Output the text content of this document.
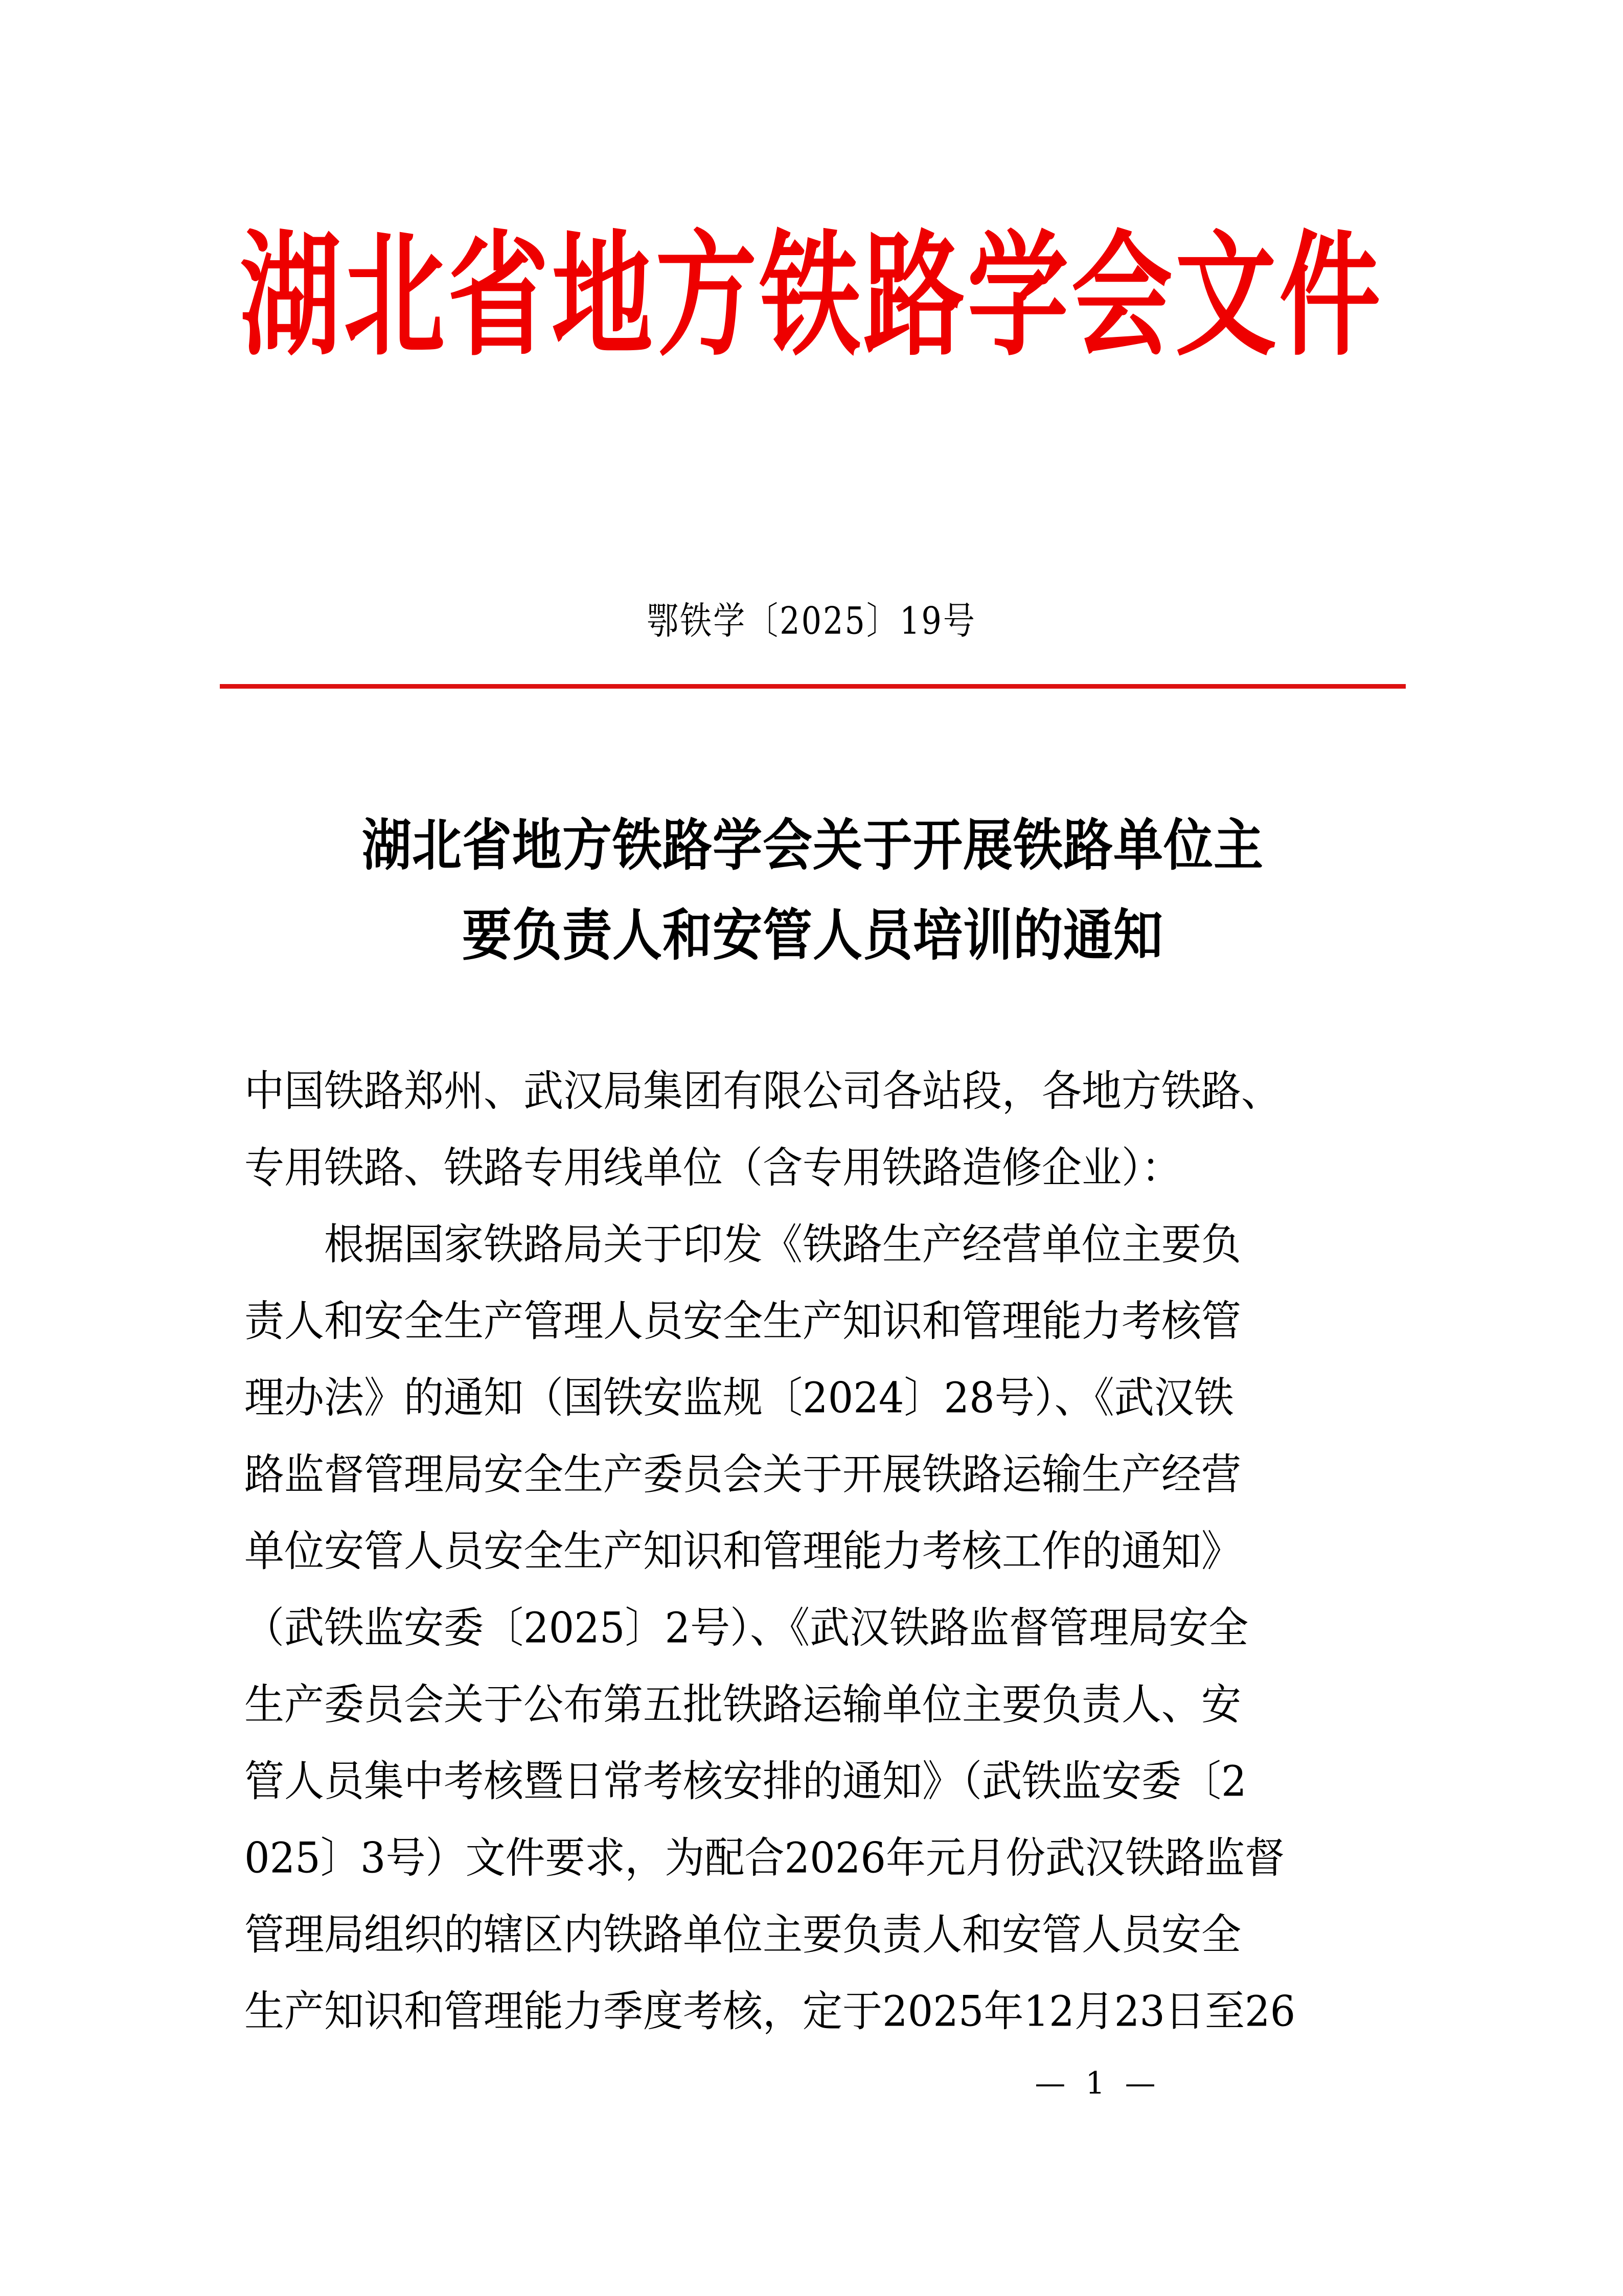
湖北省地方铁路学会文件
鄂铁学〔2025〕19号
湖北省地方铁路学会关于开展铁路单位主
要负责人和安管人员培训的通知
中国铁路郑州、武汉局集团有限公司各站段，各地方铁路、
专用铁路、铁路专用线单位（含专用铁路造修企业）：
根据国家铁路局关于印发《铁路生产经营单位主要负
责人和安全生产管理人员安全生产知识和管理能力考核管
理办法》的通知（国铁安监规〔2024〕28号）、《武汉铁
路监督管理局安全生产委员会关于开展铁路运输生产经营
单位安管人员安全生产知识和管理能力考核工作的通知》
（武铁监安委〔2025〕2号）、《武汉铁路监督管理局安全
生产委员会关于公布第五批铁路运输单位主要负责人、安
管人员集中考核暨日常考核安排的通知》（武铁监安委〔2
025〕3号）文件要求，为配合2026年元月份武汉铁路监督
管理局组织的辖区内铁路单位主要负责人和安管人员安全
生产知识和管理能力季度考核，定于2025年12月23日至26
— 1 —
